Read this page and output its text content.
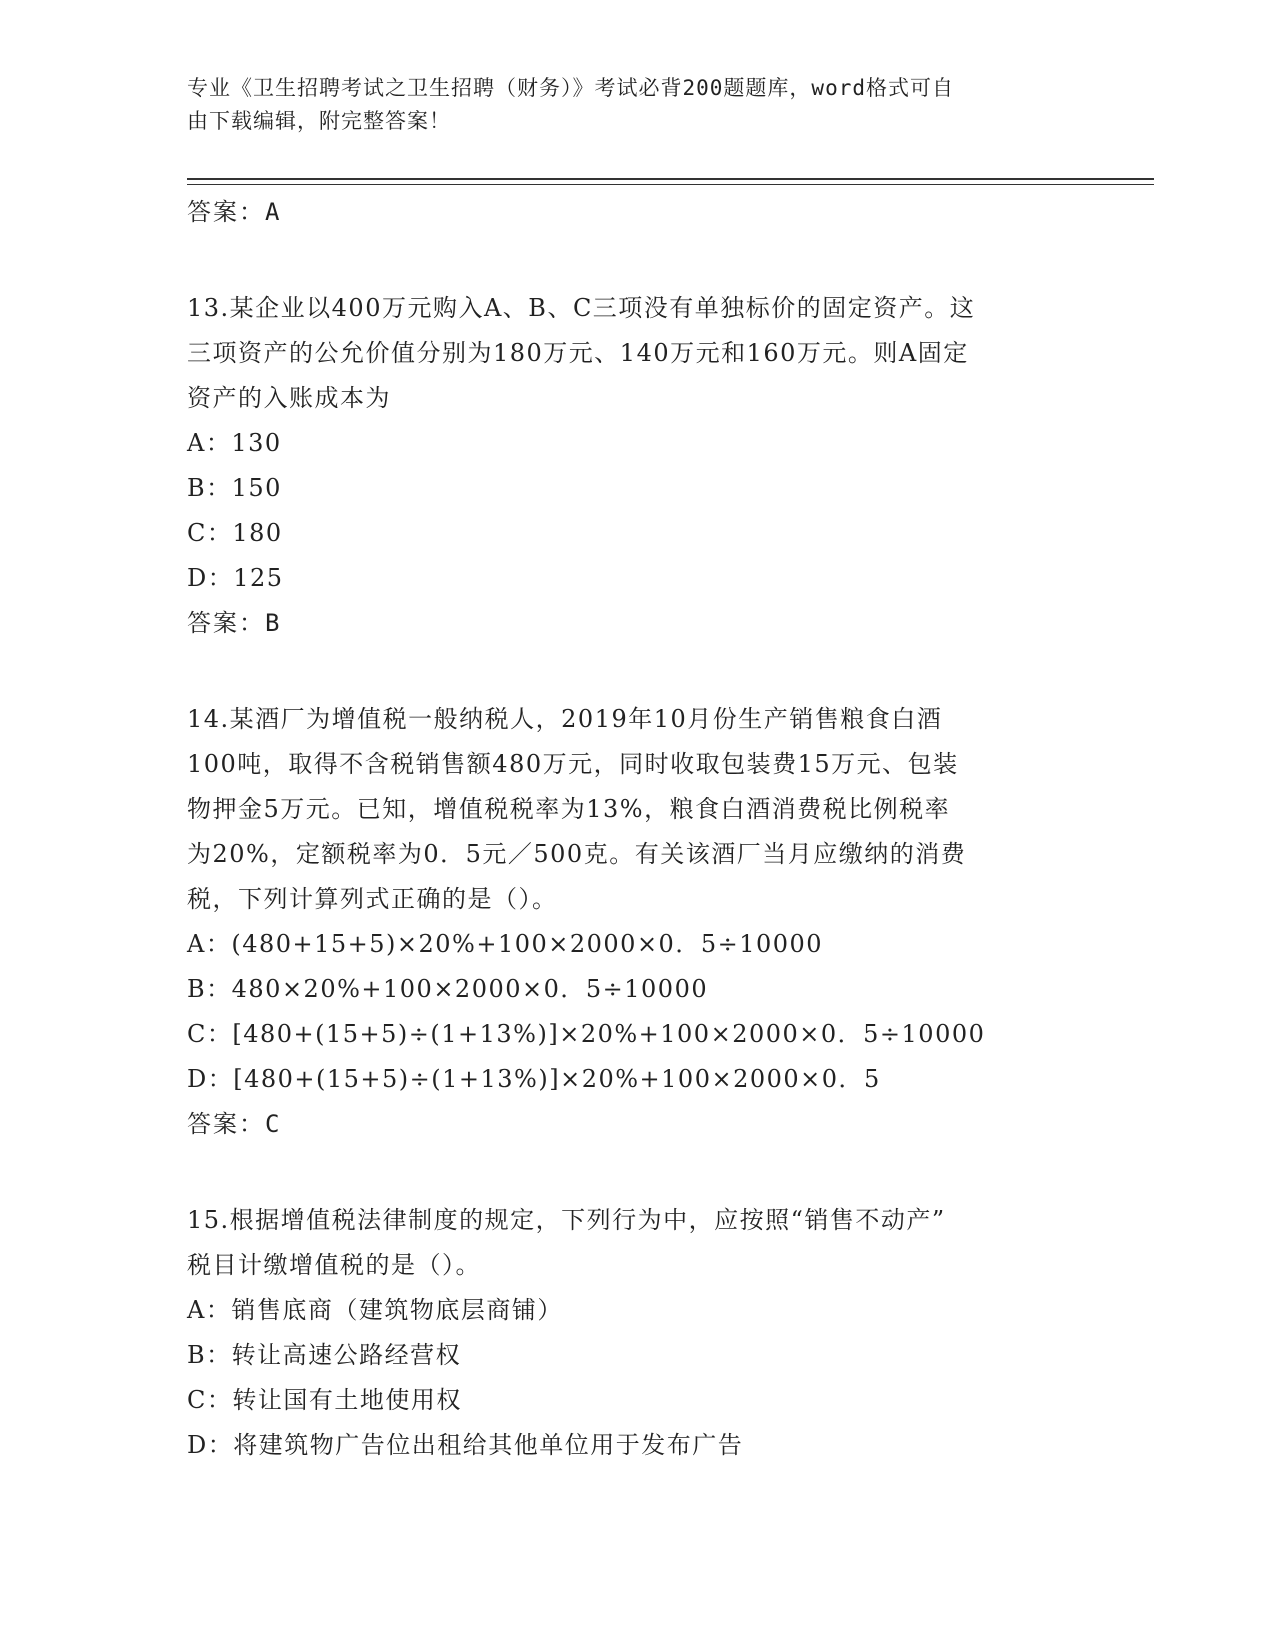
专业《卫生招聘考试之卫生招聘（财务）》考试必背200题题库，word格式可自
由下载编辑，附完整答案！
答案：A
13.某企业以400万元购入A、B、C三项没有单独标价的固定资产。这
三项资产的公允价值分别为180万元、140万元和160万元。则A固定
资产的入账成本为
A：130
B：150
C：180
D：125
答案：B
14.某酒厂为增值税一般纳税人，2019年10月份生产销售粮食白酒
100吨，取得不含税销售额480万元，同时收取包装费15万元、包装
物押金5万元。已知，增值税税率为13%，粮食白酒消费税比例税率
为20%，定额税率为0．5元／500克。有关该酒厂当月应缴纳的消费
税，下列计算列式正确的是（）。
A：(480+15+5)×20%+100×2000×0．5÷10000
B：480×20%+100×2000×0．5÷10000
C：[480+(15+5)÷(1+13%)]×20%+100×2000×0．5÷10000
D：[480+(15+5)÷(1+13%)]×20%+100×2000×0．5
答案：C
15.根据增值税法律制度的规定，下列行为中，应按照“销售不动产”
税目计缴增值税的是（）。
A：销售底商（建筑物底层商铺）
B：转让高速公路经营权
C：转让国有土地使用权
D：将建筑物广告位出租给其他单位用于发布广告
